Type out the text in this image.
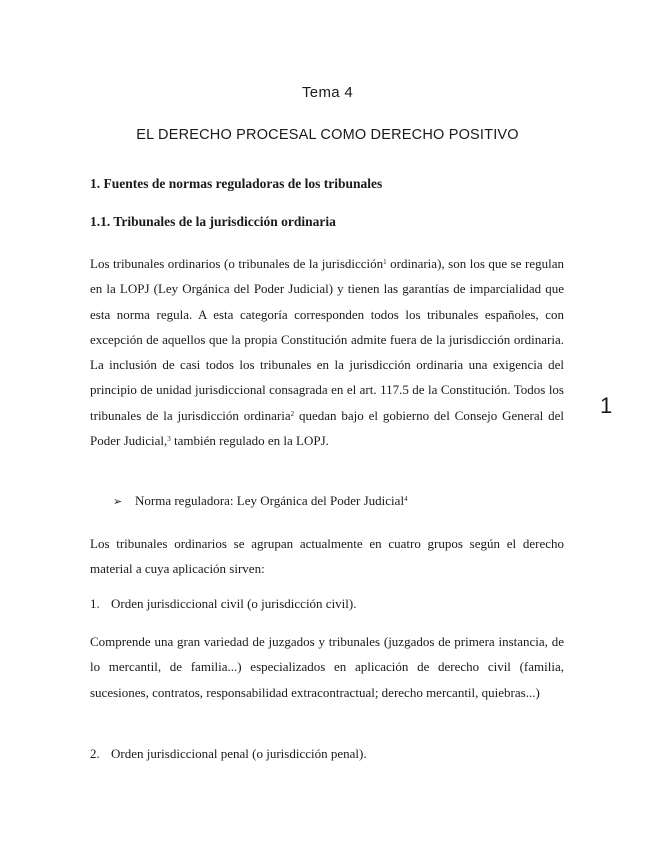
Tema 4
EL DERECHO PROCESAL COMO DERECHO POSITIVO
1. Fuentes de normas reguladoras de los tribunales
1.1. Tribunales de la jurisdicción ordinaria
Los tribunales ordinarios (o tribunales de la jurisdicción$^1$ ordinaria), son los que se regulan en la LOPJ (Ley Orgánica del Poder Judicial) y tienen las garantías de imparcialidad que esta norma regula. A esta categoría corresponden todos los tribunales españoles, con excepción de aquellos que la propia Constitución admite fuera de la jurisdicción ordinaria. La inclusión de casi todos los tribunales en la jurisdicción ordinaria una exigencia del principio de unidad jurisdiccional consagrada en el art. 117.5 de la Constitución. Todos los tribunales de la jurisdicción ordinaria$^2$ quedan bajo el gobierno del Consejo General del Poder Judicial,$^3$ también regulado en la LOPJ.
➢ Norma reguladora: Ley Orgánica del Poder Judicial$^4$
Los tribunales ordinarios se agrupan actualmente en cuatro grupos según el derecho material a cuya aplicación sirven:
1. Orden jurisdiccional civil (o jurisdicción civil).
Comprende una gran variedad de juzgados y tribunales (juzgados de primera instancia, de lo mercantil, de familia...) especializados en aplicación de derecho civil (familia, sucesiones, contratos, responsabilidad extracontractual; derecho mercantil, quiebras...)
2. Orden jurisdiccional penal (o jurisdicción penal).
1
